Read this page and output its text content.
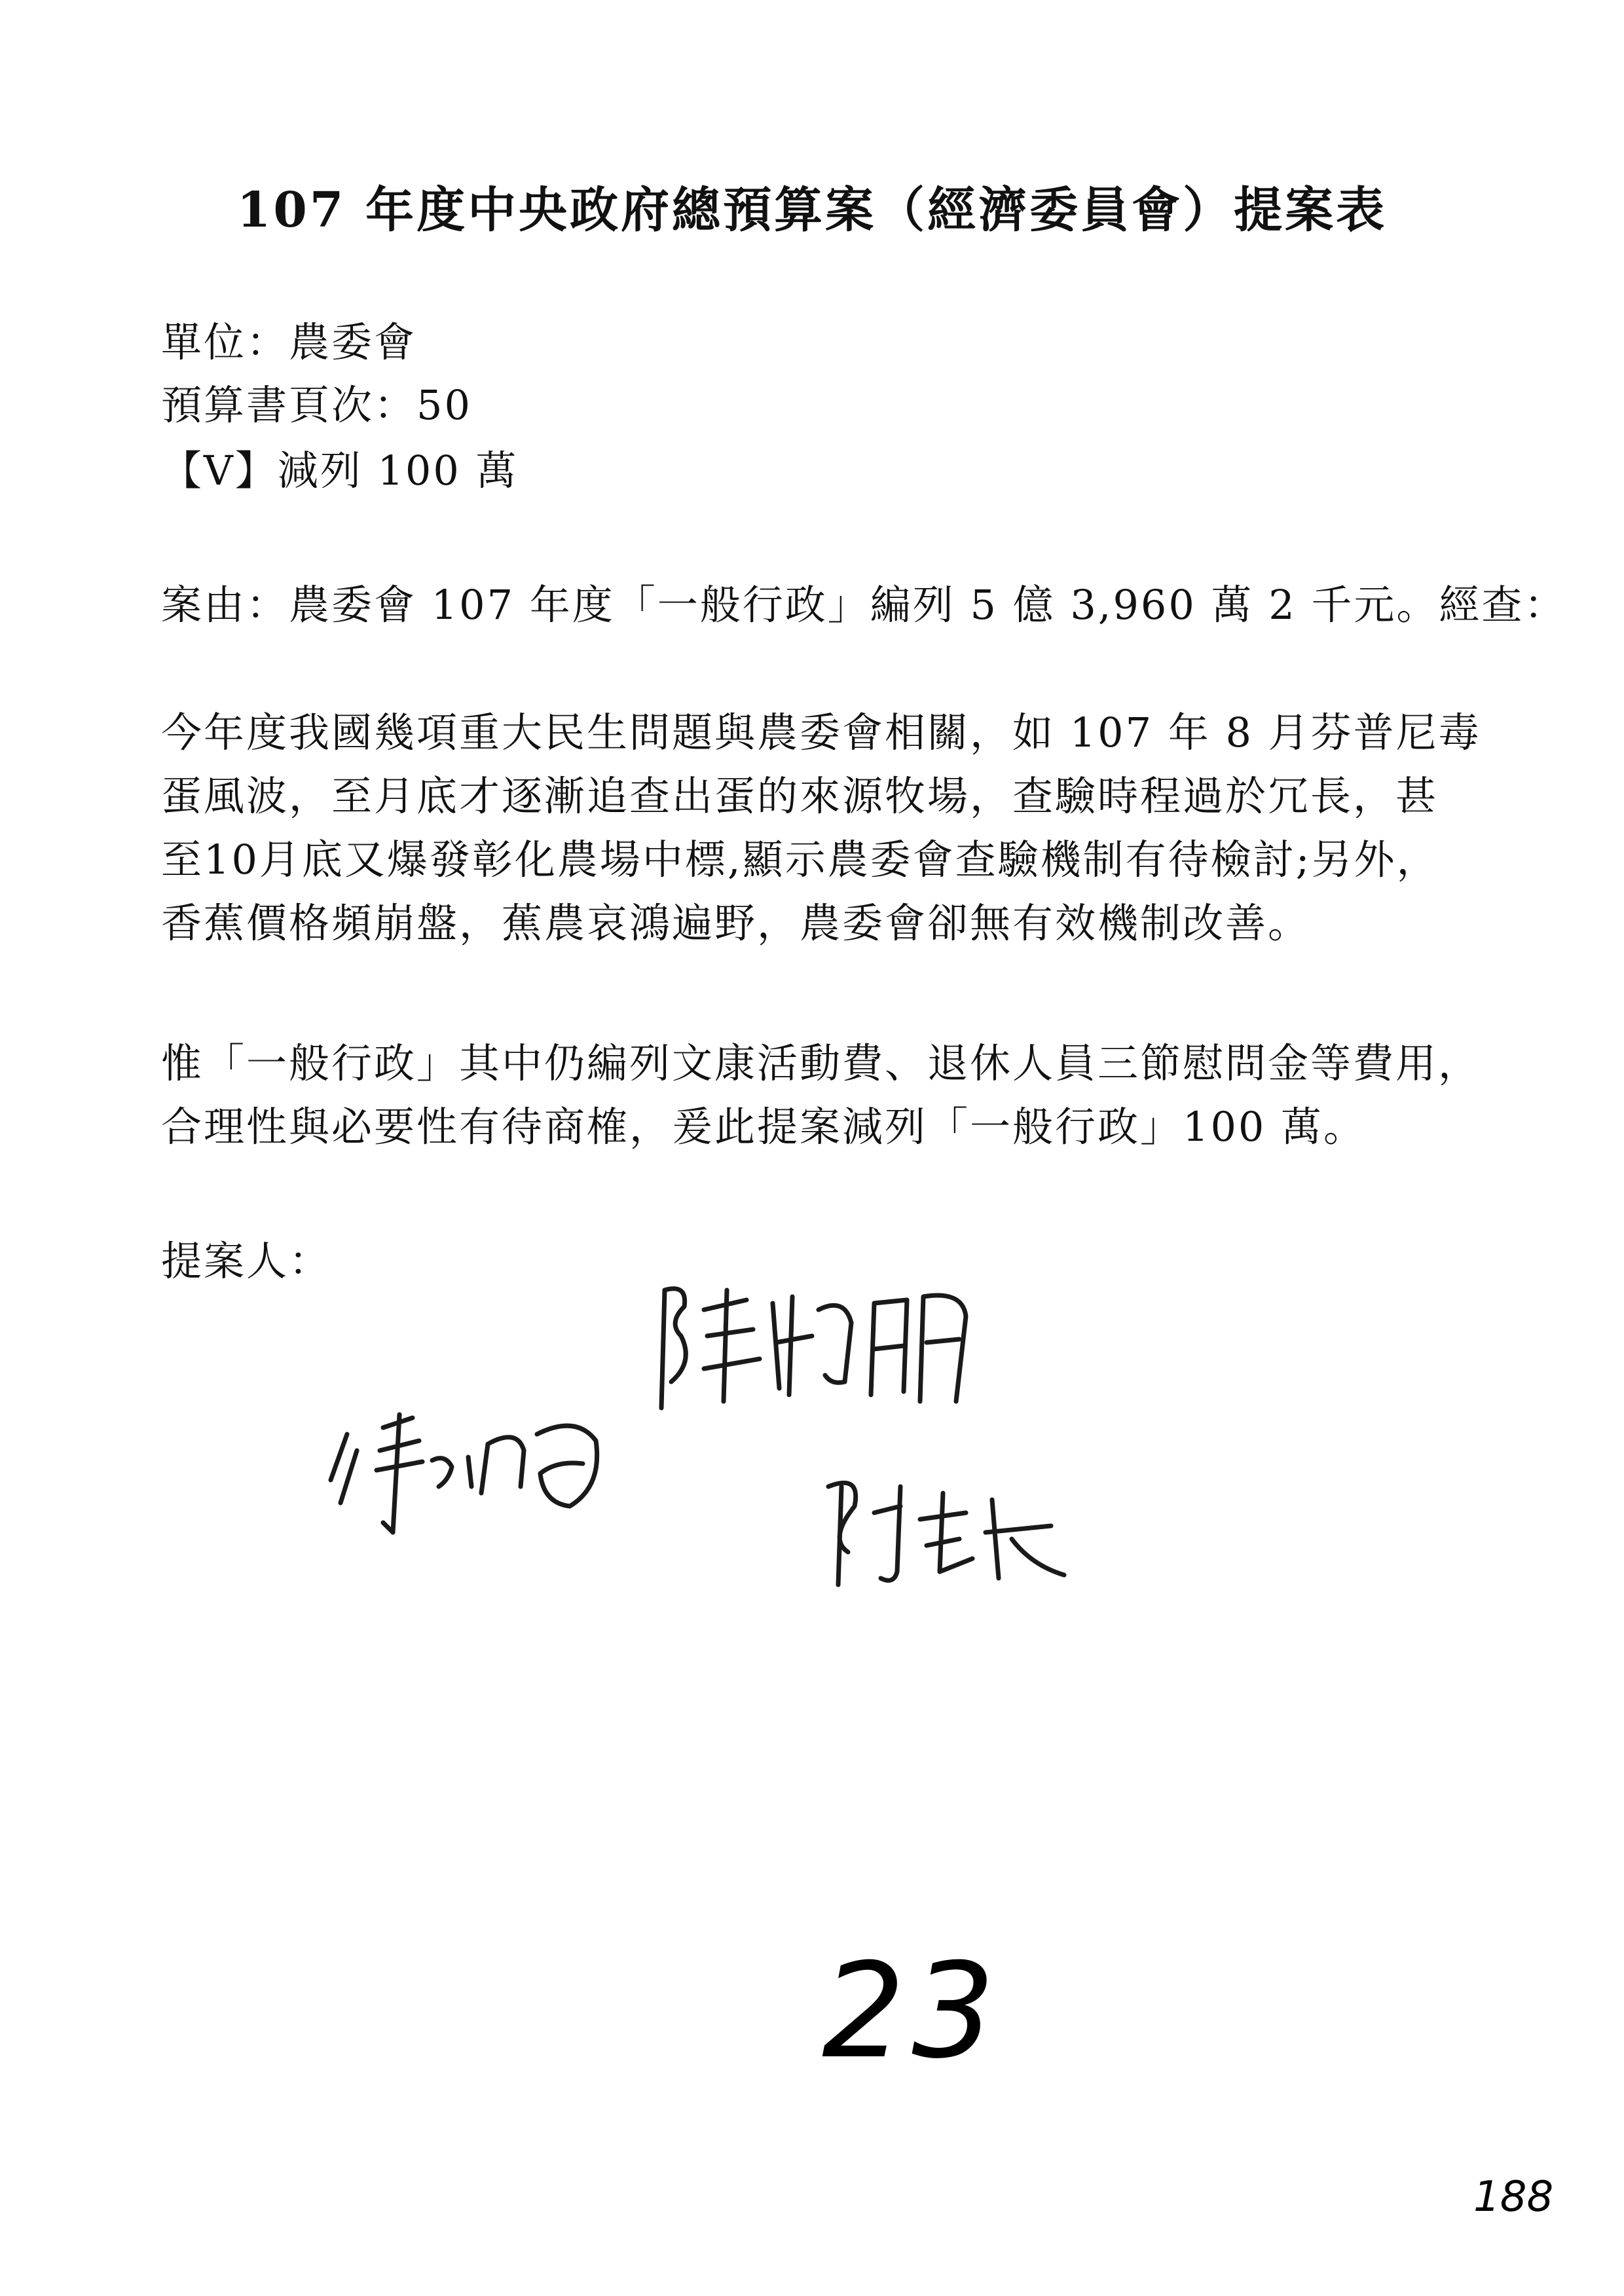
107 年度中央政府總預算案（經濟委員會）提案表
單位：農委會
預算書頁次：50
【V】減列 100 萬
案由：農委會 107 年度「一般行政」編列 5 億 3,960 萬 2 千元。經查：
今年度我國幾項重大民生問題與農委會相關，如 107 年 8 月芬普尼毒
蛋風波，至月底才逐漸追查出蛋的來源牧場，查驗時程過於冗長，甚
至10月底又爆發彰化農場中標,顯示農委會查驗機制有待檢討;另外，
香蕉價格頻崩盤，蕉農哀鴻遍野，農委會卻無有效機制改善。
惟「一般行政」其中仍編列文康活動費、退休人員三節慰問金等費用，
合理性與必要性有待商榷，爰此提案減列「一般行政」100 萬。
提案人：
23
188
